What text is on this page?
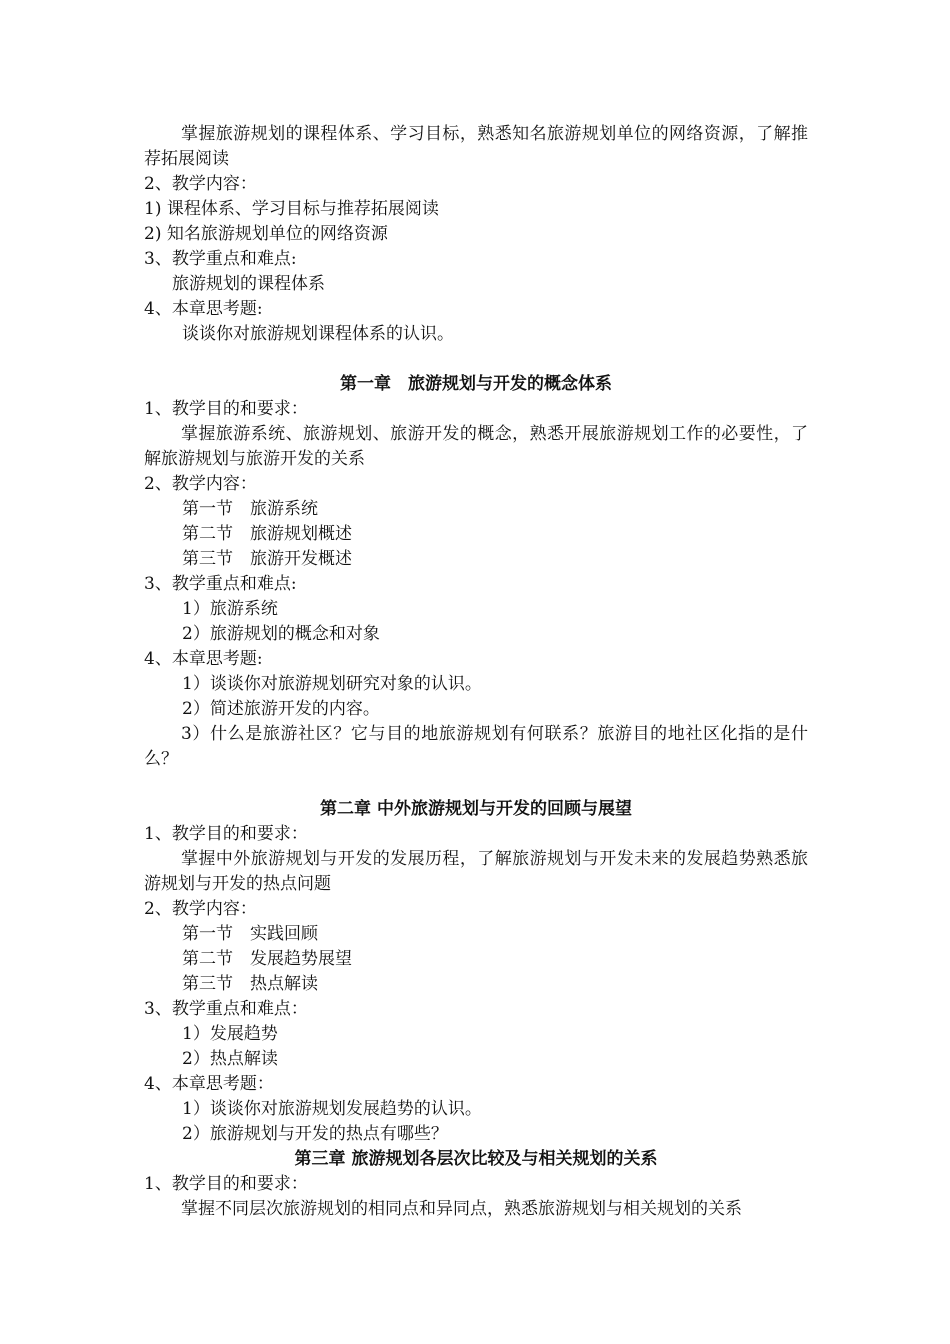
掌握旅游规划的课程体系、学习目标，熟悉知名旅游规划单位的网络资源，了解推荐拓展阅读
2、教学内容：
1) 课程体系、学习目标与推荐拓展阅读
2) 知名旅游规划单位的网络资源
3、教学重点和难点:
旅游规划的课程体系
4、本章思考题:
谈谈你对旅游规划课程体系的认识。
第一章　旅游规划与开发的概念体系
1、教学目的和要求：
掌握旅游系统、旅游规划、旅游开发的概念，熟悉开展旅游规划工作的必要性，了解旅游规划与旅游开发的关系
2、教学内容：
第一节　旅游系统
第二节　旅游规划概述
第三节　旅游开发概述
3、教学重点和难点:
1）旅游系统
2）旅游规划的概念和对象
4、本章思考题:
1）谈谈你对旅游规划研究对象的认识。
2）简述旅游开发的内容。
3）什么是旅游社区？它与目的地旅游规划有何联系？旅游目的地社区化指的是什么？
第二章 中外旅游规划与开发的回顾与展望
1、教学目的和要求：
掌握中外旅游规划与开发的发展历程，了解旅游规划与开发未来的发展趋势熟悉旅游规划与开发的热点问题
2、教学内容：
第一节　实践回顾
第二节　发展趋势展望
第三节　热点解读
3、教学重点和难点：
1）发展趋势
2）热点解读
4、本章思考题：
1）谈谈你对旅游规划发展趋势的认识。
2）旅游规划与开发的热点有哪些？
第三章 旅游规划各层次比较及与相关规划的关系
1、教学目的和要求：
掌握不同层次旅游规划的相同点和异同点，熟悉旅游规划与相关规划的关系
